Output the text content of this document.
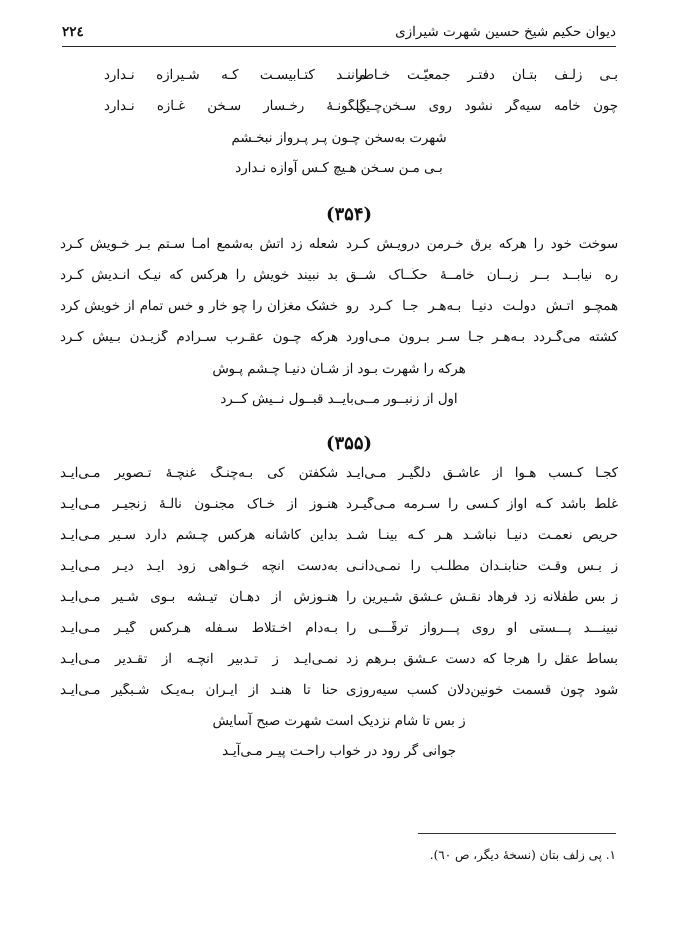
دیوان حکیم شیخ حسین شهرت شیرازی
۲۲٤
بـی زلـف بتـان دفتـر جمعیّـت خـاطر
ماننـد کتـابیسـت کـه شـیرازه نـدارد
چون خامه سیه‌گر نشود روی سـخن‌چـین
گلگونـهٔ رخـسار سـخن غـازه نـدارد
شهرت به‌سخن چـون پـر پـرواز نبخـشم
بـی مـن سـخن هـیچ کـس آوازه نـدارد
(۳۵۴)
سوخت خود را هرکه برق خـرمن درویـش کـرد
شعله زد آتش به‌شمع امـا سـتم بـر خـویش کـرد
ره نیابــد بــر زبــان خامــهٔ حکّــاک شــق
بد نبیند خویش را هرکس که نیـک انـدیش کـرد
همچـو آتـش دولـت دنیـا بـه‌هـر جـا کـرد رو
خشک مغزان را چو خار و خس تمام از خویش کرد
کشته می‌گـردد بـه‌هـر جـا سـر بـرون مـی‌آورد
هرکه چـون عقـرب سـرآدم گزیـدن بـیش کـرد
هرکه را شهرت بـود از شـان دنیـا چـشم پـوش
اول از زنبــور مــی‌بایــد قبــول نــیش کــرد
(۳۵۵)
کجـا کـسب هـوا از عاشـق دلگیـر مـی‌آیـد
شکفتن کی بـه‌چنـگ غنچـهٔ تـصویر مـی‌آیـد
غلط باشد کـه آواز کـسی را سـرمه مـی‌گیـرد
هنـوز از خـاک مجنـون نالـهٔ زنجیـر مـی‌آیـد
حریص نعمـت دنیـا نباشـد هـر کـه بینـا شـد
بداین کاشانه هرکس چـشم دارد سـیر مـی‌آیـد
ز بـس وقـت حنابنـدان مطلـب را نمـی‌دانـی
به‌دست آنچه خـواهی زود آیـد دیـر مـی‌آیـد
ز بس طفلانه زد فرهاد نقـش عـشق شـیرین را
هنـوزش از دهـان تیـشه بـوی شـیر مـی‌آیـد
نبینـــد پـــستی او روی پـــرواز ترقّـــی را
بـه‌دام اخـتلاط سـفله هـرکس گیـر مـی‌آیـد
بساط عقل را هرجا که دست عـشق بـرهم زد
نمـی‌آیـد ز تـدبیر آنچـه از تقـدیر مـی‌آیـد
شود چون قسمت خونین‌دلان کسب سیه‌روزی
حنا تا هنـد از ایـران بـه‌یـک شـبگیر مـی‌آیـد
ز بس تا شام نزدیک است شهرت صبح آسایش
جوانی گر رود در خواب راحـت پیـر مـی‌آیـد
۱. پی زلف بتان (نسخهٔ دیگر، ص ٦۰).
